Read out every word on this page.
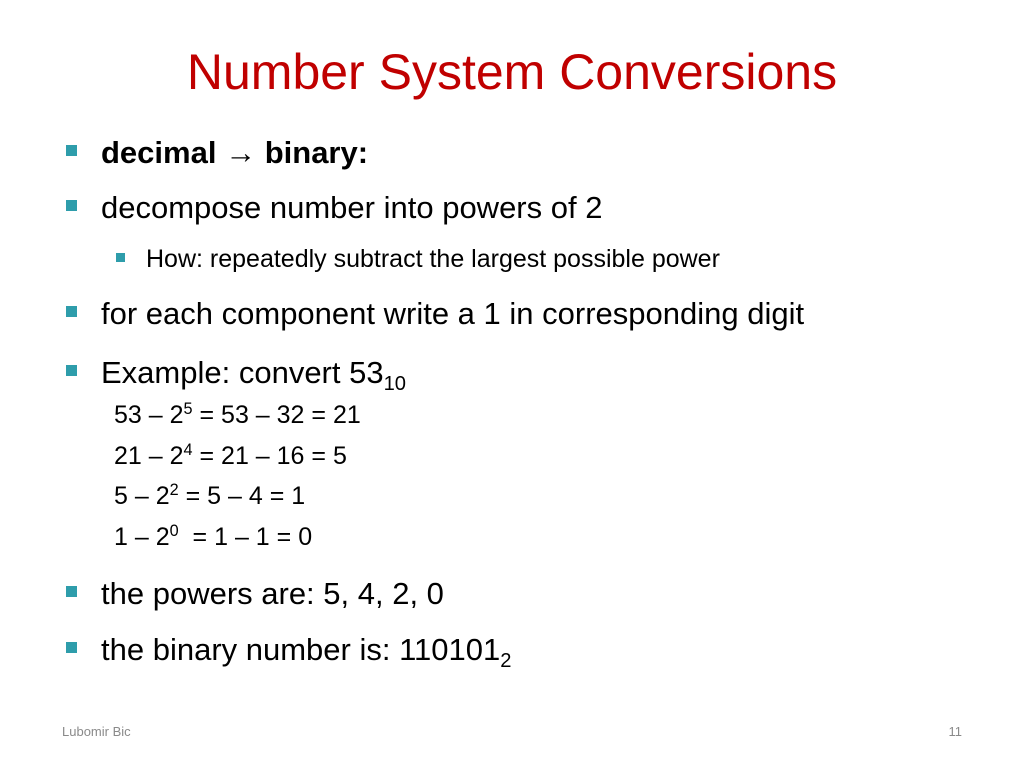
Number System Conversions
decimal → binary:
decompose number into powers of 2
How: repeatedly subtract the largest possible power
for each component write a 1 in corresponding digit
Example: convert $53_{10}$
$53 - 2^5 = 53 - 32 = 21$
$21 - 2^4 = 21 - 16 = 5$
$5 - 2^2 = 5 - 4 = 1$
$1 - 2^0 = 1 - 1 = 0$
the powers are: 5, 4, 2, 0
the binary number is: $110101_2$
Lubomir Bic	11
